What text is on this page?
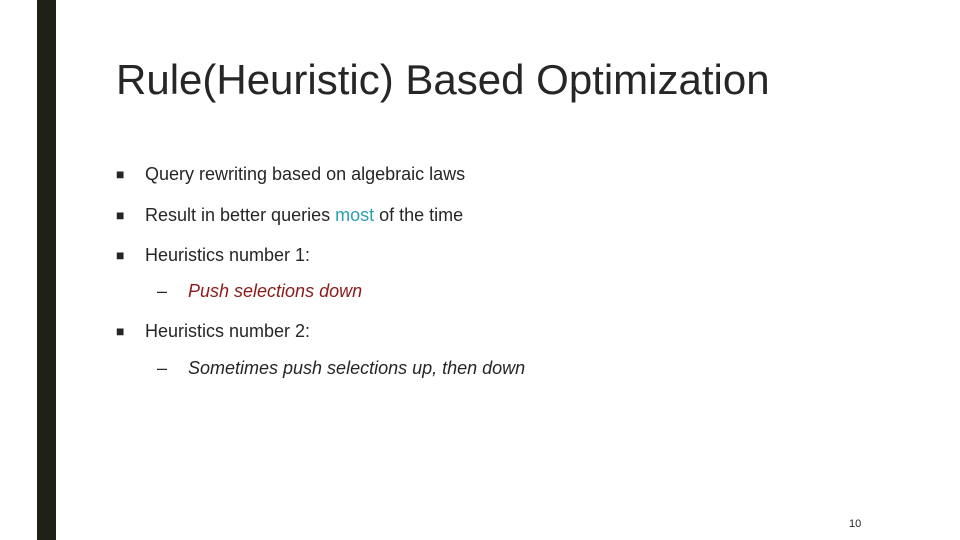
Rule(Heuristic) Based Optimization
■ Query rewriting based on algebraic laws
■ Result in better queries most of the time
■ Heuristics number 1:
– Push selections down
■ Heuristics number 2:
– Sometimes push selections up, then down
10
